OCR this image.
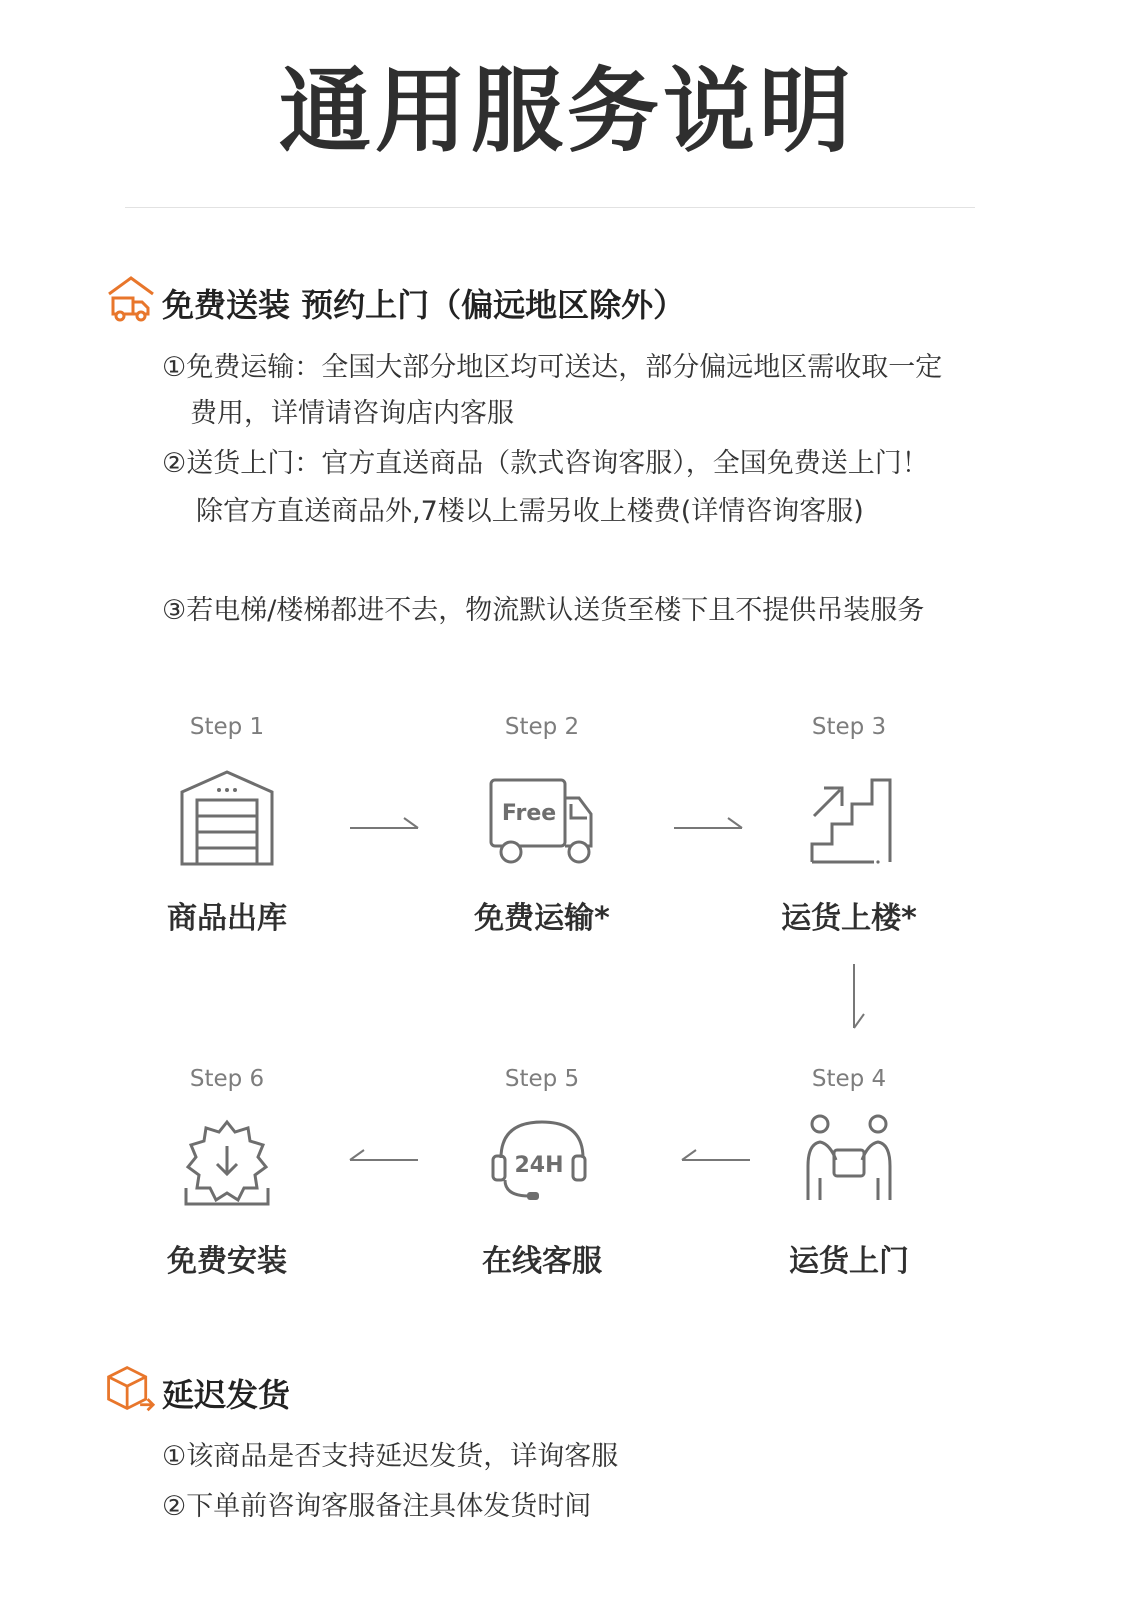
通用服务说明
免费送装 预约上门（偏远地区除外）
①免费运输：全国大部分地区均可送达，部分偏远地区需收取一定
费用，详情请咨询店内客服
②送货上门：官方直送商品（款式咨询客服），全国免费送上门！
除官方直送商品外,7楼以上需另收上楼费(详情咨询客服)
③若电梯/楼梯都进不去，物流默认送货至楼下且不提供吊装服务
Step 1
商品出库
Step 2
Free
免费运输*
Step 3
运货上楼*
Step 4
运货上门
Step 5
24H
在线客服
Step 6
免费安装
延迟发货
①该商品是否支持延迟发货，详询客服
②下单前咨询客服备注具体发货时间
